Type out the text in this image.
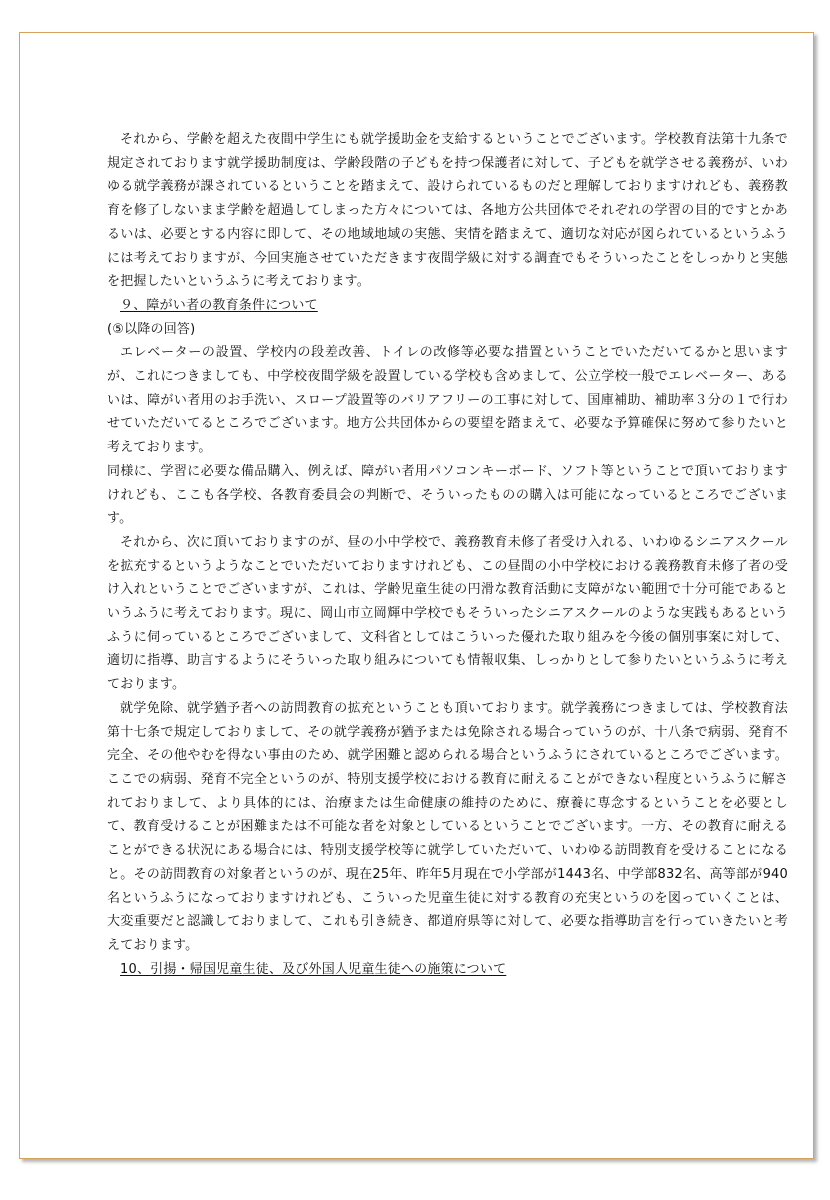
それから、学齢を超えた夜間中学生にも就学援助金を支給するということでございます。学校教育法第十九条で規定されております就学援助制度は、学齢段階の子どもを持つ保護者に対して、子どもを就学させる義務が、いわゆる就学義務が課されているということを踏まえて、設けられているものだと理解しておりますけれども、義務教育を修了しないまま学齢を超過してしまった方々については、各地方公共団体でそれぞれの学習の目的ですとかあるいは、必要とする内容に即して、その地域地域の実態、実情を踏まえて、適切な対応が図られているというふうには考えておりますが、今回実施させていただきます夜間学級に対する調査でもそういったことをしっかりと実態を把握したいというふうに考えております。

９、障がい者の教育条件について

(⑤以降の回答)

エレベーターの設置、学校内の段差改善、トイレの改修等必要な措置ということでいただいてるかと思いますが、これにつきましても、中学校夜間学級を設置している学校も含めまして、公立学校一般でエレベーター、あるいは、障がい者用のお手洗い、スロープ設置等のバリアフリーの工事に対して、国庫補助、補助率３分の１で行わせていただいてるところでございます。地方公共団体からの要望を踏まえて、必要な予算確保に努めて参りたいと考えております。

同様に、学習に必要な備品購入、例えば、障がい者用パソコンキーボード、ソフト等ということで頂いておりますけれども、ここも各学校、各教育委員会の判断で、そういったものの購入は可能になっているところでございます。

それから、次に頂いておりますのが、昼の小中学校で、義務教育未修了者受け入れる、いわゆるシニアスクールを拡充するというようなことでいただいておりますけれども、この昼間の小中学校における義務教育未修了者の受け入れということでございますが、これは、学齢児童生徒の円滑な教育活動に支障がない範囲で十分可能であるというふうに考えております。現に、岡山市立岡輝中学校でもそういったシニアスクールのような実践もあるというふうに伺っているところでございまして、文科省としてはこういった優れた取り組みを今後の個別事案に対して、適切に指導、助言するようにそういった取り組みについても情報収集、しっかりとして参りたいというふうに考えております。

就学免除、就学猶予者への訪問教育の拡充ということも頂いております。就学義務につきましては、学校教育法第十七条で規定しておりまして、その就学義務が猶予または免除される場合っていうのが、十八条で病弱、発育不完全、その他やむを得ない事由のため、就学困難と認められる場合というふうにされているところでございます。ここでの病弱、発育不完全というのが、特別支援学校における教育に耐えることができない程度というふうに解されておりまして、より具体的には、治療または生命健康の維持のために、療養に専念するということを必要として、教育受けることが困難または不可能な者を対象としているということでございます。一方、その教育に耐えることができる状況にある場合には、特別支援学校等に就学していただいて、いわゆる訪問教育を受けることになると。その訪問教育の対象者というのが、現在25年、昨年5月現在で小学部が1443名、中学部832名、高等部が940名というふうになっておりますけれども、こういった児童生徒に対する教育の充実というのを図っていくことは、大変重要だと認識しておりまして、これも引き続き、都道府県等に対して、必要な指導助言を行っていきたいと考えております。

10、引揚・帰国児童生徒、及び外国人児童生徒への施策について
